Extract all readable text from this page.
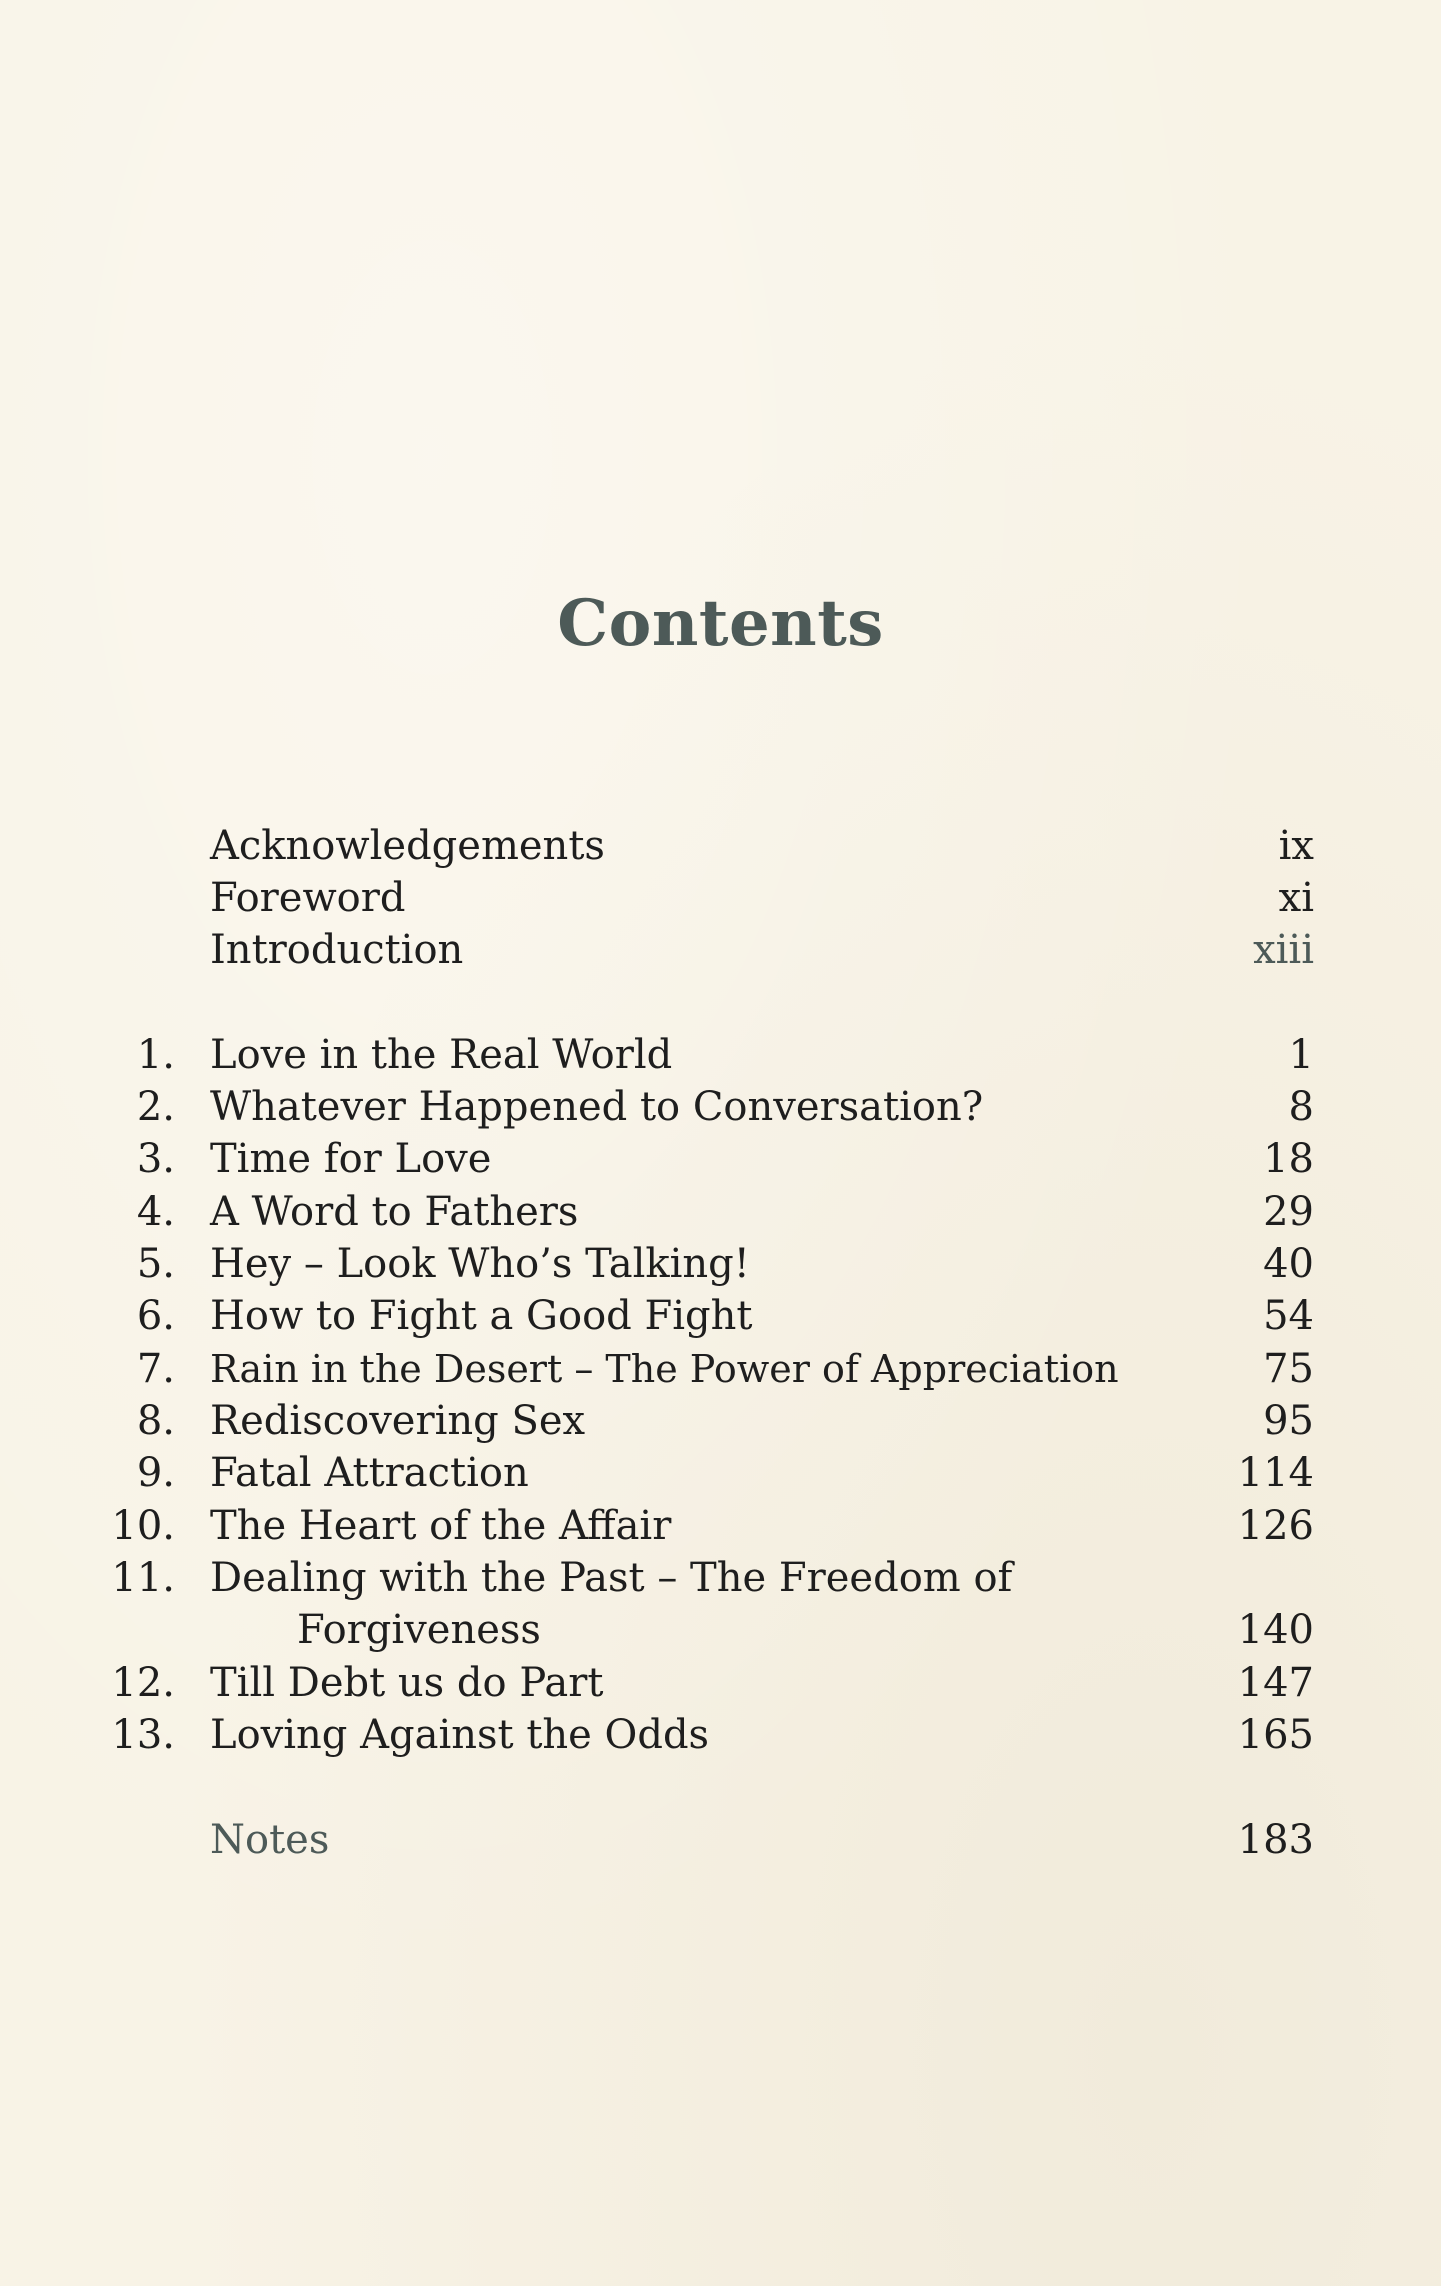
Contents
Acknowledgements	ix
Foreword	xi
Introduction	xiii
1. Love in the Real World	1
2. Whatever Happened to Conversation?	8
3. Time for Love	18
4. A Word to Fathers	29
5. Hey – Look Who’s Talking!	40
6. How to Fight a Good Fight	54
7. Rain in the Desert – The Power of Appreciation	75
8. Rediscovering Sex	95
9. Fatal Attraction	114
10. The Heart of the Affair	126
11. Dealing with the Past – The Freedom of
Forgiveness	140
12. Till Debt us do Part	147
13. Loving Against the Odds	165
Notes	183
